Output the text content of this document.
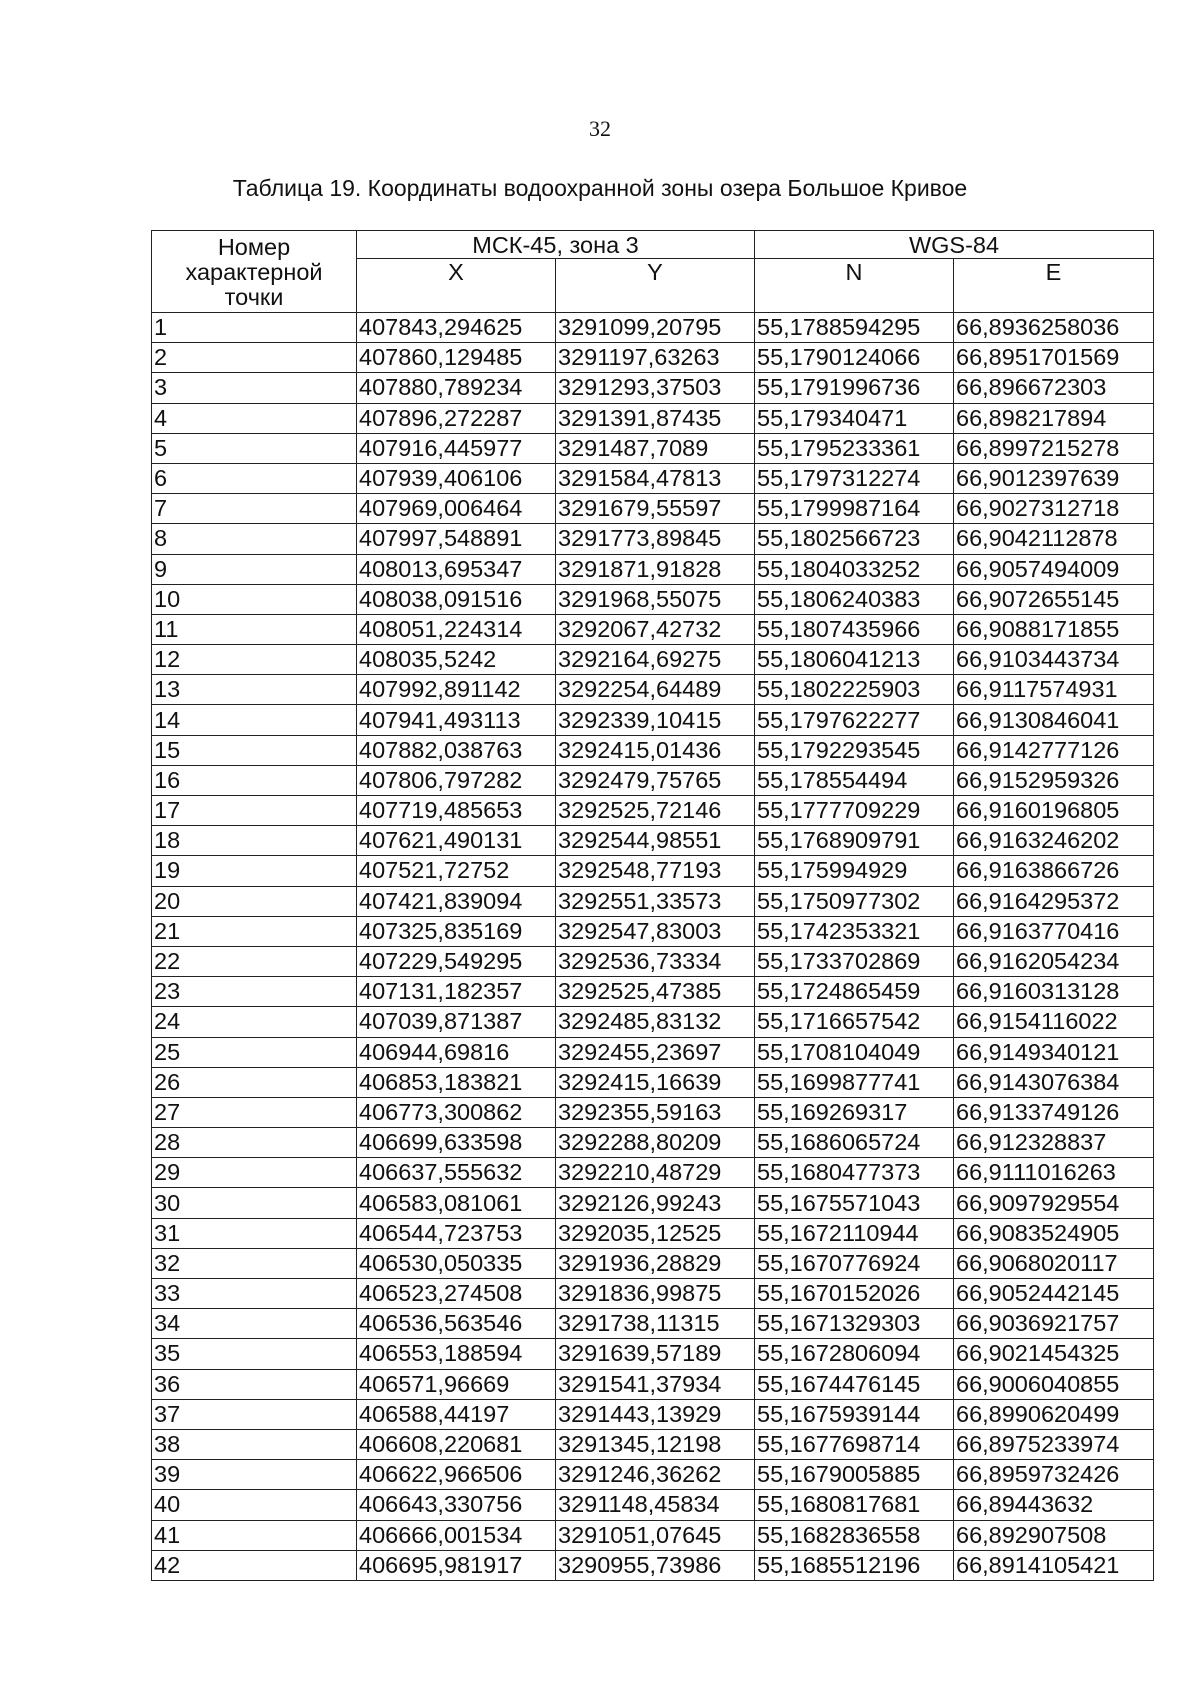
32
Таблица 19. Координаты водоохранной зоны озера Большое Кривое
Номер характерной точки	МСК-45, зона 3		WGS-84	
	X	Y	N	E
1	407843,294625	3291099,20795	55,1788594295	66,8936258036
2	407860,129485	3291197,63263	55,1790124066	66,8951701569
3	407880,789234	3291293,37503	55,1791996736	66,896672303
4	407896,272287	3291391,87435	55,179340471	66,898217894
5	407916,445977	3291487,7089	55,1795233361	66,8997215278
6	407939,406106	3291584,47813	55,1797312274	66,9012397639
7	407969,006464	3291679,55597	55,1799987164	66,9027312718
8	407997,548891	3291773,89845	55,1802566723	66,9042112878
9	408013,695347	3291871,91828	55,1804033252	66,9057494009
10	408038,091516	3291968,55075	55,1806240383	66,9072655145
11	408051,224314	3292067,42732	55,1807435966	66,9088171855
12	408035,5242	3292164,69275	55,1806041213	66,9103443734
13	407992,891142	3292254,64489	55,1802225903	66,9117574931
14	407941,493113	3292339,10415	55,1797622277	66,9130846041
15	407882,038763	3292415,01436	55,1792293545	66,9142777126
16	407806,797282	3292479,75765	55,178554494	66,9152959326
17	407719,485653	3292525,72146	55,1777709229	66,9160196805
18	407621,490131	3292544,98551	55,1768909791	66,9163246202
19	407521,72752	3292548,77193	55,175994929	66,9163866726
20	407421,839094	3292551,33573	55,1750977302	66,9164295372
21	407325,835169	3292547,83003	55,1742353321	66,9163770416
22	407229,549295	3292536,73334	55,1733702869	66,9162054234
23	407131,182357	3292525,47385	55,1724865459	66,9160313128
24	407039,871387	3292485,83132	55,1716657542	66,9154116022
25	406944,69816	3292455,23697	55,1708104049	66,9149340121
26	406853,183821	3292415,16639	55,1699877741	66,9143076384
27	406773,300862	3292355,59163	55,169269317	66,9133749126
28	406699,633598	3292288,80209	55,1686065724	66,912328837
29	406637,555632	3292210,48729	55,1680477373	66,9111016263
30	406583,081061	3292126,99243	55,1675571043	66,9097929554
31	406544,723753	3292035,12525	55,1672110944	66,9083524905
32	406530,050335	3291936,28829	55,1670776924	66,9068020117
33	406523,274508	3291836,99875	55,1670152026	66,9052442145
34	406536,563546	3291738,11315	55,1671329303	66,9036921757
35	406553,188594	3291639,57189	55,1672806094	66,9021454325
36	406571,96669	3291541,37934	55,1674476145	66,9006040855
37	406588,44197	3291443,13929	55,1675939144	66,8990620499
38	406608,220681	3291345,12198	55,1677698714	66,8975233974
39	406622,966506	3291246,36262	55,1679005885	66,8959732426
40	406643,330756	3291148,45834	55,1680817681	66,89443632
41	406666,001534	3291051,07645	55,1682836558	66,892907508
42	406695,981917	3290955,73986	55,1685512196	66,8914105421
